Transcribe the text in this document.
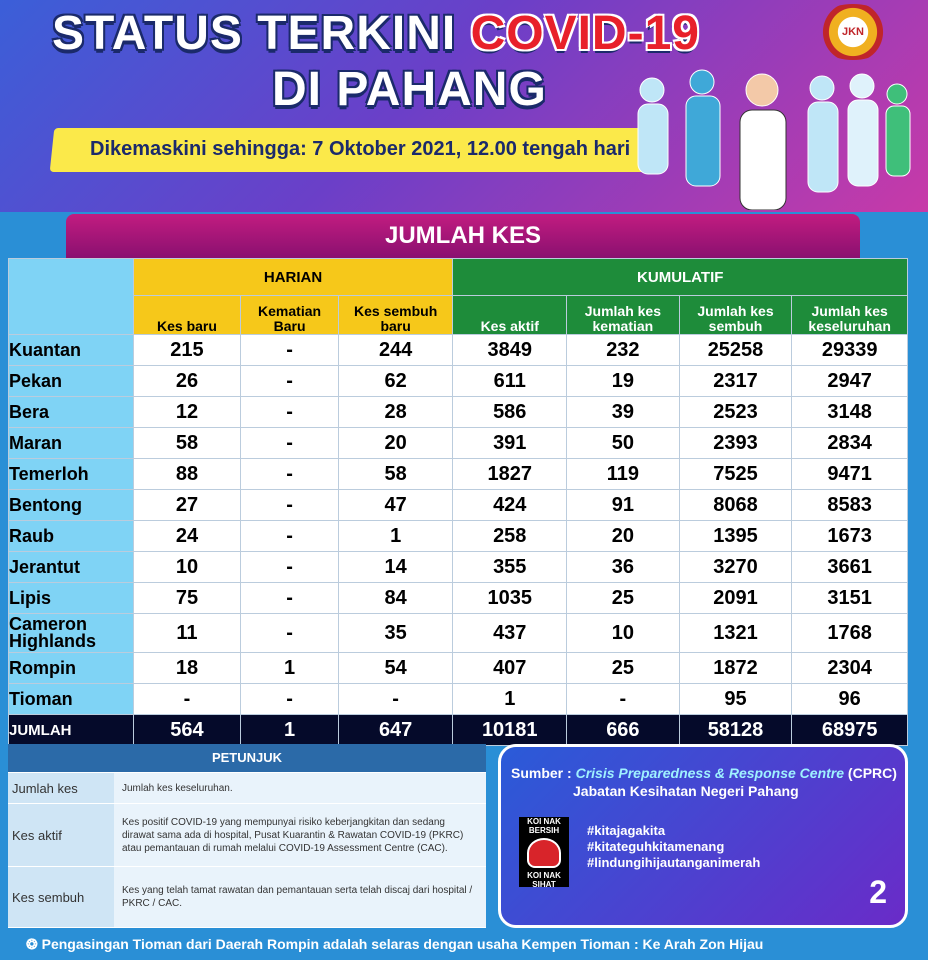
STATUS TERKINI COVID-19
DI PAHANG
JKN
Dikemaskini sehingga: 7 Oktober 2021, 12.00 tengah hari
JUMLAH KES
	HARIAN			KUMULATIF			
	Kes baru	Kematian Baru	Kes sembuh baru	Kes aktif	Jumlah kes kematian	Jumlah kes sembuh	Jumlah kes keseluruhan
Kuantan	215	-	244	3849	232	25258	29339
Pekan	26	-	62	611	19	2317	2947
Bera	12	-	28	586	39	2523	3148
Maran	58	-	20	391	50	2393	2834
Temerloh	88	-	58	1827	119	7525	9471
Bentong	27	-	47	424	91	8068	8583
Raub	24	-	1	258	20	1395	1673
Jerantut	10	-	14	355	36	3270	3661
Lipis	75	-	84	1035	25	2091	3151
Cameron Highlands	11	-	35	437	10	1321	1768
Rompin	18	1	54	407	25	1872	2304
Tioman	-	-	-	1	-	95	96
JUMLAH	564	1	647	10181	666	58128	68975
PETUNJUK
Jumlah kes	Jumlah kes keseluruhan.
Kes aktif
Kes positif COVID-19 yang mempunyai risiko keberjangkitan dan sedang dirawat sama ada di hospital, Pusat Kuarantin & Rawatan COVID-19 (PKRC) atau pemantauan di rumah melalui COVID-19 Assessment Centre (CAC).
Kes sembuh	Kes yang telah tamat rawatan dan pemantauan serta telah discaj dari hospital / PKRC / CAC.
Sumber : Crisis Preparedness & Response Centre (CPRC)
Jabatan Kesihatan Negeri Pahang
KOI NAK BERSIH
KOI NAK SIHAT
#kitajagakita
#kitateguhkitamenang
#lindungihijautanganimerah
2
❂ Pengasingan Tioman dari Daerah Rompin adalah selaras dengan usaha Kempen Tioman : Ke Arah Zon Hijau
